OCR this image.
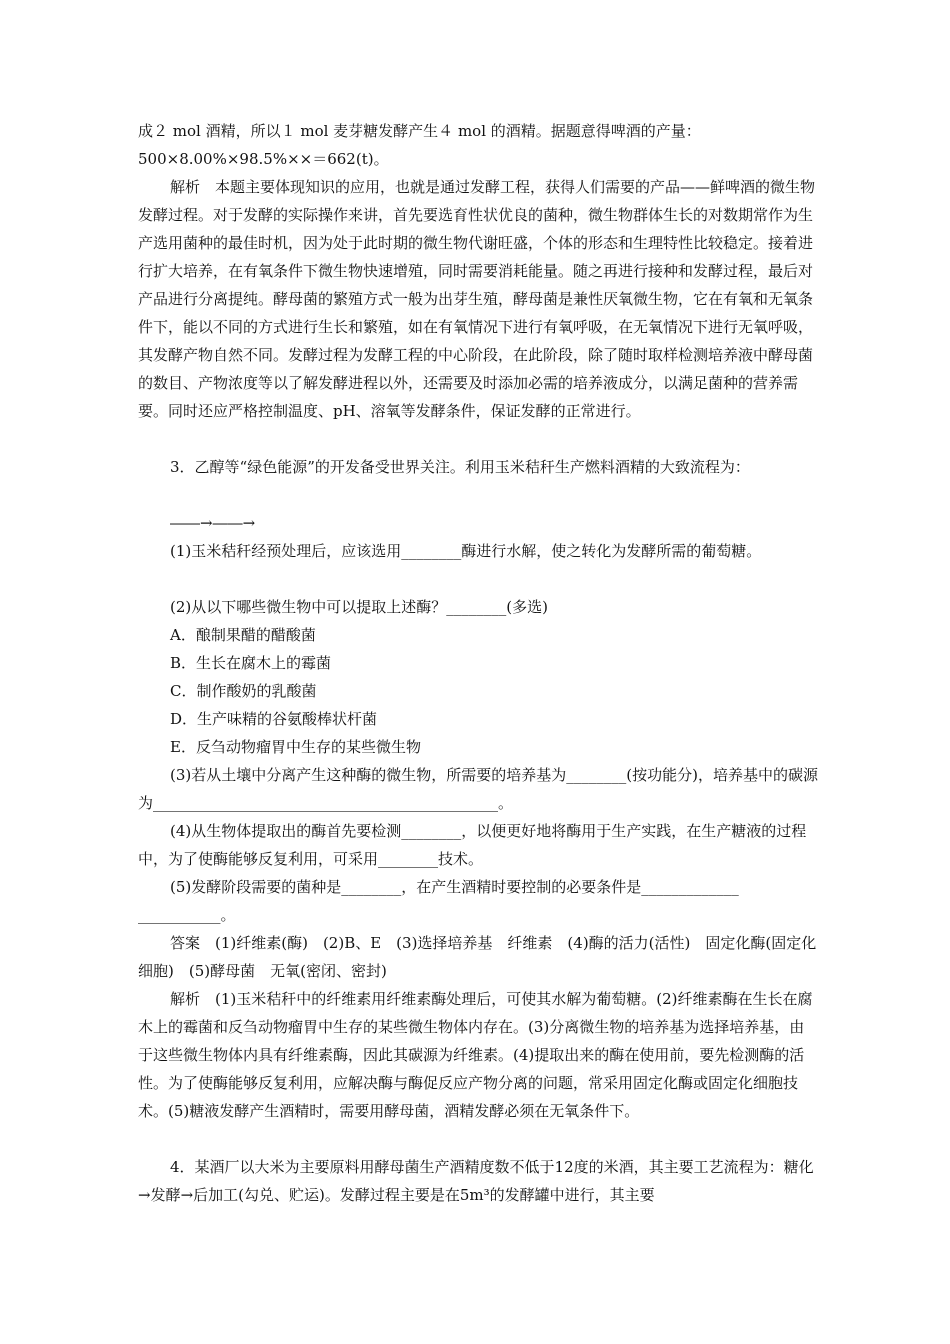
成２ mol 酒精，所以１ mol 麦芽糖发酵产生４ mol 的酒精。据题意得啤酒的产量：
500×8.00%×98.5%××＝662(t)。

解析　本题主要体现知识的应用，也就是通过发酵工程，获得人们需要的产品——鲜啤酒的微生物发酵过程。对于发酵的实际操作来讲，首先要选育性状优良的菌种，微生物群体生长的对数期常作为生产选用菌种的最佳时机，因为处于此时期的微生物代谢旺盛，个体的形态和生理特性比较稳定。接着进行扩大培养，在有氧条件下微生物快速增殖，同时需要消耗能量。随之再进行接种和发酵过程，最后对产品进行分离提纯。酵母菌的繁殖方式一般为出芽生殖，酵母菌是兼性厌氧微生物，它在有氧和无氧条件下，能以不同的方式进行生长和繁殖，如在有氧情况下进行有氧呼吸，在无氧情况下进行无氧呼吸，其发酵产物自然不同。发酵过程为发酵工程的中心阶段，在此阶段，除了随时取样检测培养液中酵母菌的数目、产物浓度等以了解发酵进程以外，还需要及时添加必需的培养液成分，以满足菌种的营养需要。同时还应严格控制温度、pH、溶氧等发酵条件，保证发酵的正常进行。

3．乙醇等“绿色能源”的开发备受世界关注。利用玉米秸秆生产燃料酒精的大致流程为：

――→――→

(1)玉米秸秆经预处理后，应该选用________酶进行水解，使之转化为发酵所需的葡萄糖。

(2)从以下哪些微生物中可以提取上述酶？________(多选)
A．酿制果醋的醋酸菌
B．生长在腐木上的霉菌
C．制作酸奶的乳酸菌
D．生产味精的谷氨酸棒状杆菌
E．反刍动物瘤胃中生存的某些微生物

(3)若从土壤中分离产生这种酶的微生物，所需要的培养基为________(按功能分)，培养基中的碳源为______________________________________________。

(4)从生物体提取出的酶首先要检测________，以便更好地将酶用于生产实践，在生产糖液的过程中，为了使酶能够反复利用，可采用________技术。

(5)发酵阶段需要的菌种是________，在产生酒精时要控制的必要条件是_____________
___________。

答案　(1)纤维素(酶)　(2)B、E　(3)选择培养基　纤维素　(4)酶的活力(活性)　固定化酶(固定化细胞)　(5)酵母菌　无氧(密闭、密封)

解析　(1)玉米秸秆中的纤维素用纤维素酶处理后，可使其水解为葡萄糖。(2)纤维素酶在生长在腐木上的霉菌和反刍动物瘤胃中生存的某些微生物体内存在。(3)分离微生物的培养基为选择培养基，由于这些微生物体内具有纤维素酶，因此其碳源为纤维素。(4)提取出来的酶在使用前，要先检测酶的活性。为了使酶能够反复利用，应解决酶与酶促反应产物分离的问题，常采用固定化酶或固定化细胞技术。(5)糖液发酵产生酒精时，需要用酵母菌，酒精发酵必须在无氧条件下。

4．某酒厂以大米为主要原料用酵母菌生产酒精度数不低于12度的米酒，其主要工艺流程为：糖化→发酵→后加工(勾兑、贮运)。发酵过程主要是在5m³的发酵罐中进行，其主要
